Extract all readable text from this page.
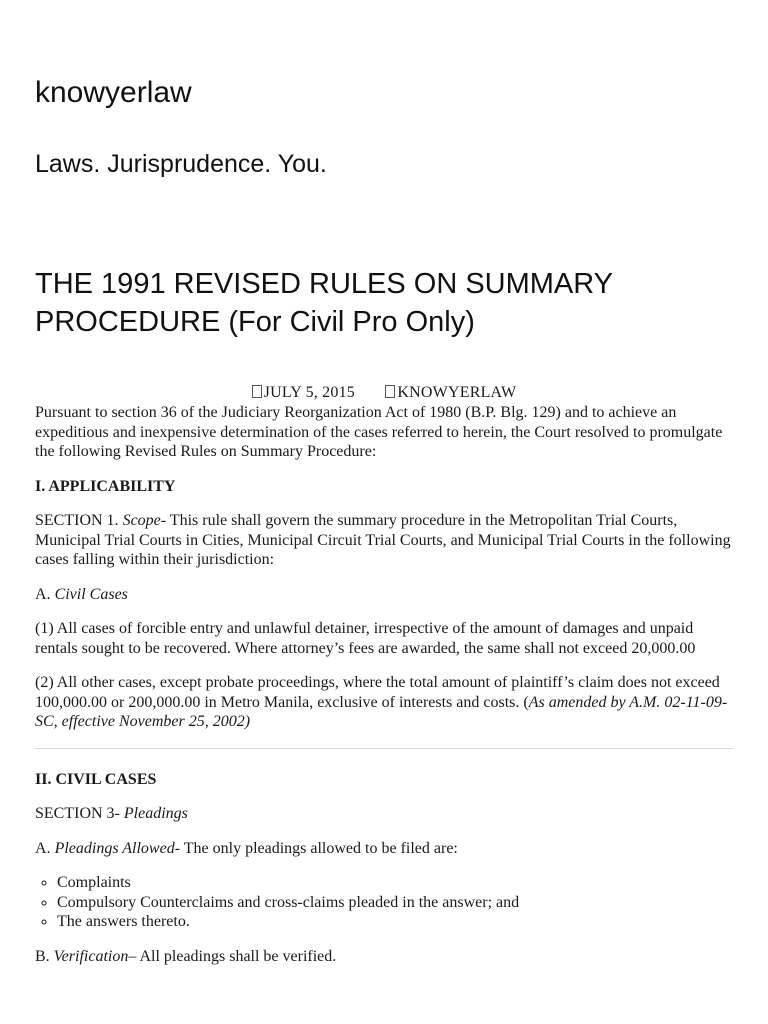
knowyerlaw

Laws. Jurisprudence. You.

THE 1991 REVISED RULES ON SUMMARY PROCEDURE (For Civil Pro Only)
JULY 5, 2015	KNOWYERLAW

Pursuant to section 36 of the Judiciary Reorganization Act of 1980 (B.P. Blg. 129) and to achieve an expeditious and inexpensive determination of the cases referred to herein, the Court resolved to promulgate the following Revised Rules on Summary Procedure:

I. APPLICABILITY

SECTION 1. Scope- This rule shall govern the summary procedure in the Metropolitan Trial Courts, Municipal Trial Courts in Cities, Municipal Circuit Trial Courts, and Municipal Trial Courts in the following cases falling within their jurisdiction:

A. Civil Cases

(1) All cases of forcible entry and unlawful detainer, irrespective of the amount of damages and unpaid rentals sought to be recovered. Where attorney’s fees are awarded, the same shall not exceed 20,000.00

(2) All other cases, except probate proceedings, where the total amount of plaintiff’s claim does not exceed 100,000.00 or 200,000.00 in Metro Manila, exclusive of interests and costs. (As amended by A.M. 02-11-09-SC, effective November 25, 2002)

II. CIVIL CASES

SECTION 3- Pleadings

A. Pleadings Allowed- The only pleadings allowed to be filed are:

◦ Complaints
◦ Compulsory Counterclaims and cross-claims pleaded in the answer; and
◦ The answers thereto.

B. Verification– All pleadings shall be verified.
